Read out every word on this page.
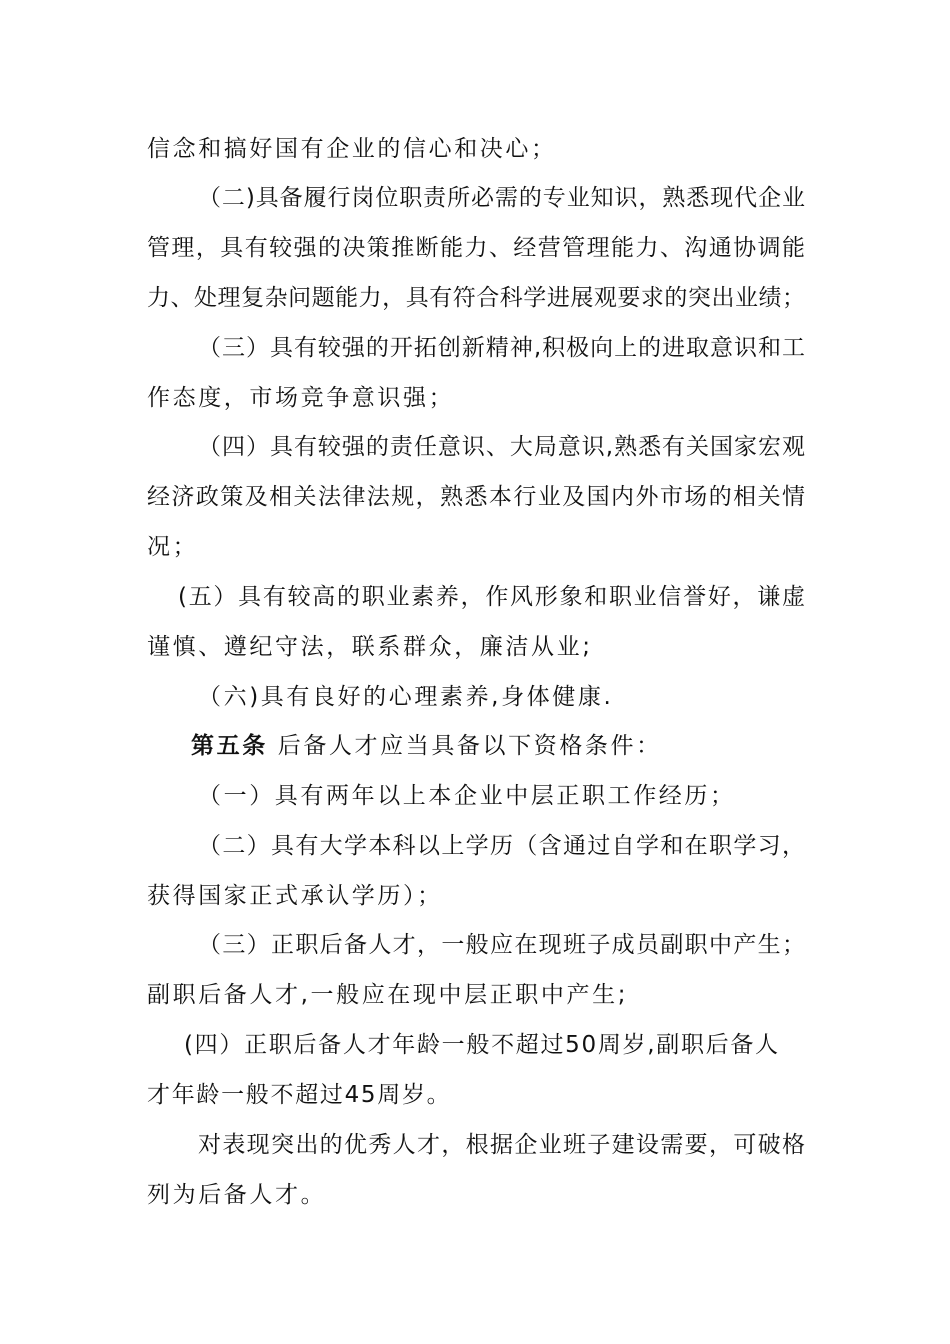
信念和搞好国有企业的信心和决心；
（二)具备履行岗位职责所必需的专业知识，熟悉现代企业
管理，具有较强的决策推断能力、经营管理能力、沟通协调能
力、处理复杂问题能力，具有符合科学进展观要求的突出业绩；
（三）具有较强的开拓创新精神,积极向上的进取意识和工
作态度，市场竞争意识强；
（四）具有较强的责任意识、大局意识,熟悉有关国家宏观
经济政策及相关法律法规，熟悉本行业及国内外市场的相关情
况；
(五）具有较高的职业素养，作风形象和职业信誉好，谦虚
谨慎、遵纪守法，联系群众，廉洁从业;
（六)具有良好的心理素养,身体健康.
第五条 后备人才应当具备以下资格条件：
（一）具有两年以上本企业中层正职工作经历；
（二）具有大学本科以上学历（含通过自学和在职学习，
获得国家正式承认学历）；
（三）正职后备人才，一般应在现班子成员副职中产生；
副职后备人才,一般应在现中层正职中产生;
(四）正职后备人才年龄一般不超过50周岁,副职后备人
才年龄一般不超过45周岁。
对表现突出的优秀人才，根据企业班子建设需要，可破格
列为后备人才。
